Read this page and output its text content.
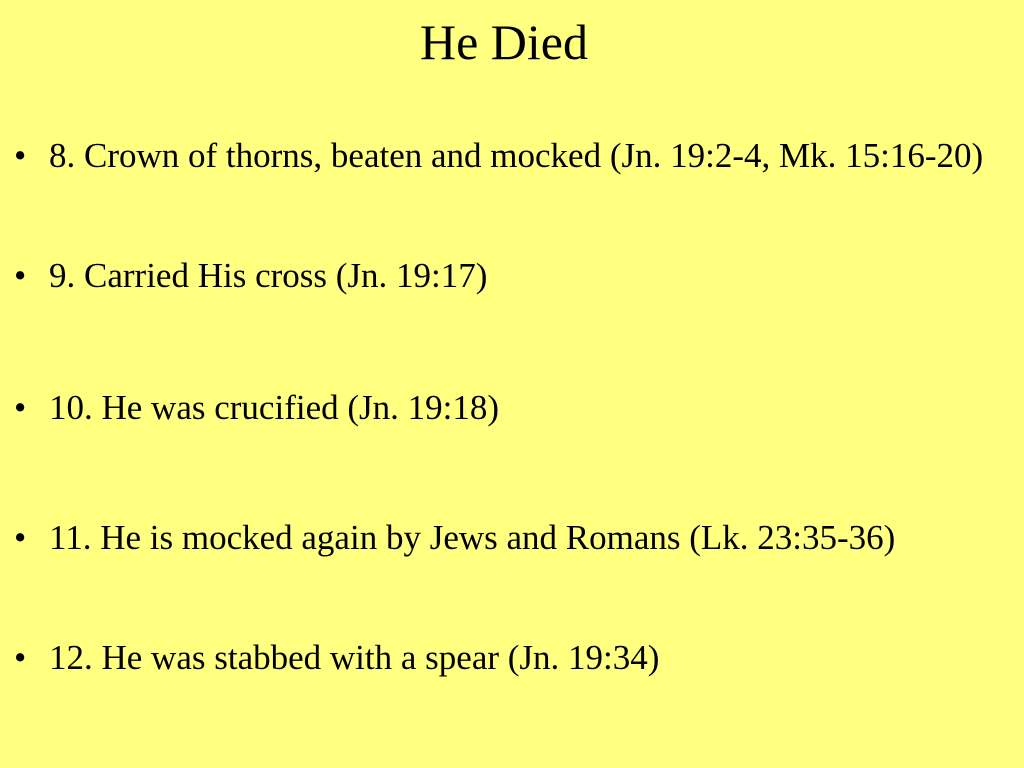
He Died
• 8. Crown of thorns, beaten and mocked (Jn. 19:2-4, Mk. 15:16-20)
• 9. Carried His cross (Jn. 19:17)
• 10. He was crucified (Jn. 19:18)
• 11. He is mocked again by Jews and Romans (Lk. 23:35-36)
• 12. He was stabbed with a spear (Jn. 19:34)
